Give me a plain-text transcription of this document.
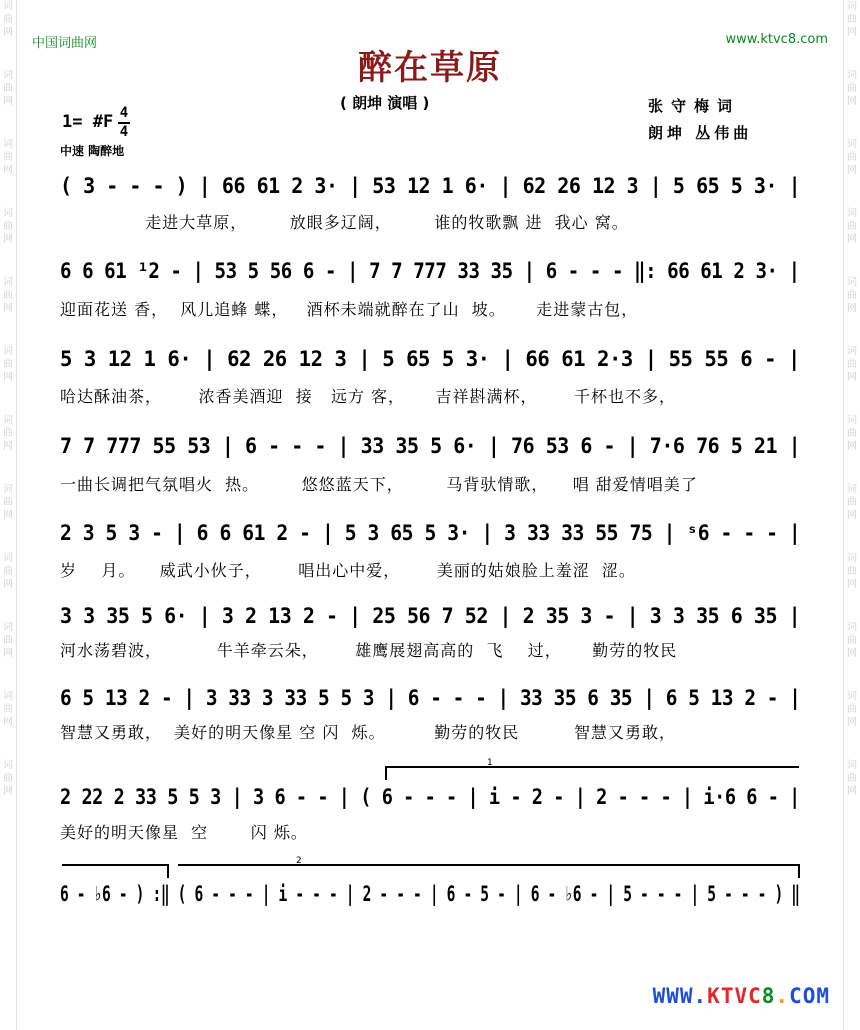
词
曲
网
词
曲
网
词
曲
网
词
曲
网
词
曲
网
词
曲
网
词
曲
网
词
曲
网
词
曲
网
词
曲
网
词
曲
网
词
曲
网
词
曲
网
词
曲
网
词
曲
网
词
曲
网
词
曲
网
词
曲
网
词
曲
网
词
曲
网
词
曲
网
词
曲
网
词
曲
网
词
曲
网
中国词曲网	www.ktvc8.com
醉在草原
( 朗坤 演唱 )	张守梅词
朗坤 丛伟曲
1= #F 4
4
中速 陶醉地
( 3 - - - ) | 66 61 2 3· | 53 12 1 6· | 62 26 12 3 | 5 65 5 3· |
走进大草原，       放眼多辽阔，       谁的牧歌飘 进  我心 窝。
6 6 61 ¹2 - | 53 5 56 6 - | 7 7 777 33 35 | 6 - - - ‖: 66 61 2 3· |
迎面花送 香，  风儿追蜂 蝶，   酒杯未端就醉在了山  坡。     走进蒙古包，
5 3 12 1 6· | 62 26 12 3 | 5 65 5 3· | 66 61 2·3 | 55 55 6 - |
哈达酥油茶，      浓香美酒迎  接   远方 客，     吉祥斟满杯，      千杯也不多，
7 7 777 55 53 | 6 - - - | 33 35 5 6· | 76 53 6 - | 7·6 76 5 21 |
一曲长调把气氛唱火  热。       悠悠蓝天下，       马背驮情歌，    唱 甜爱情唱美了
2 3 5 3 - | 6 6 61 2 - | 5 3 65 5 3· | 3 33 33 55 75 | ˢ6 - - - |
岁    月。    威武小伙子，      唱出心中爱，      美丽的姑娘脸上羞涩  涩。
3 3 35 5 6· | 3 2 13 2 - | 25 56 7 52 | 2 35 3 - | 3 3 35 6 35 |
河水荡碧波，         牛羊牵云朵，      雄鹰展翅高高的  飞    过，     勤劳的牧民
6 5 13 2 - | 3 33 3 33 5 5 3 | 6 - - - | 33 35 6 35 | 6 5 13 2 - |
智慧又勇敢，  美好的明天像星 空 闪  烁。        勤劳的牧民         智慧又勇敢，
1
2 22 2 33 5 5 3 | 3 6 - - | ( 6 - - - | i - 2 - | 2 - - - | i·6 6 - |
美好的明天像星  空       闪 烁。
2
6 - ♭6 - ) :‖ ( 6 - - - | i - - - | 2 - - - | 6 - 5 - | 6 - ♭6 - | 5 - - - | 5 - - - ) ‖
WWW.KTVC8.COM
